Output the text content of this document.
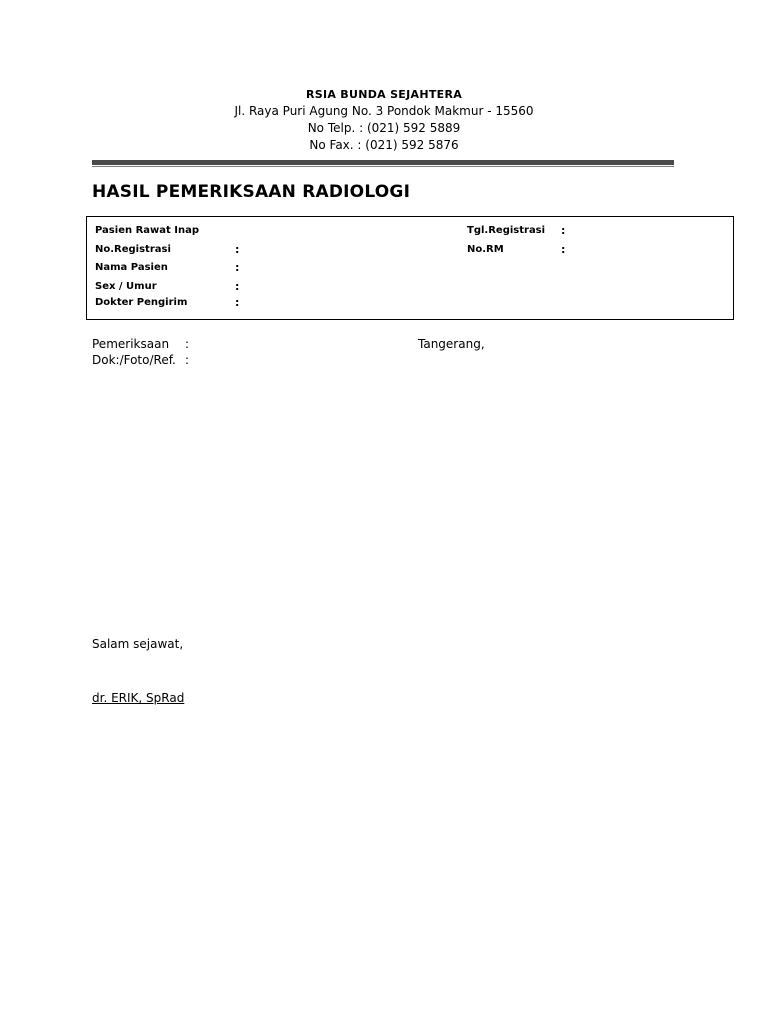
RSIA BUNDA SEJAHTERA
Jl. Raya Puri Agung No. 3 Pondok Makmur - 15560
No Telp. : (021) 592 5889
No Fax. : (021) 592 5876
HASIL PEMERIKSAAN RADIOLOGI
Pasien Rawat Inap
No.Registrasi	:
Nama Pasien	:
Sex / Umur	:
Dokter Pengirim	:
Tgl.Registrasi :
No.RM	:
Pemeriksaan :	Tangerang,
Dok:/Foto/Ref. :
Salam sejawat,
dr. ERIK, SpRad
